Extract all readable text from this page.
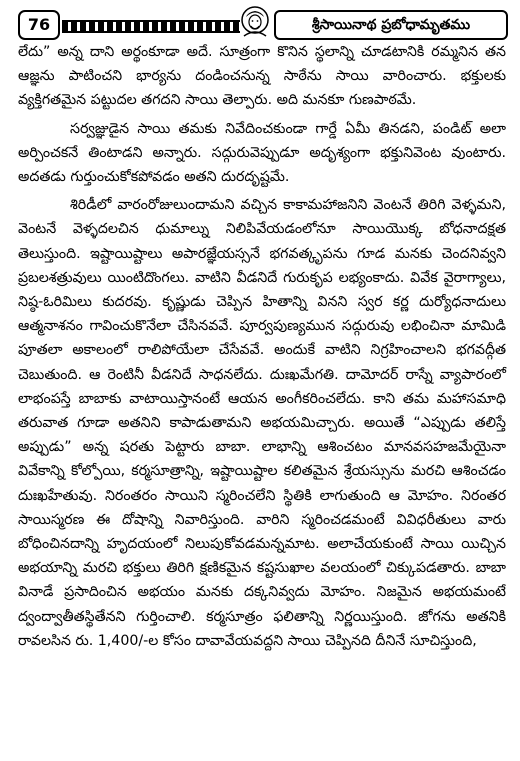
76	శ్రీసాయినాథ ప్రబోధామృతము

లేదు” అన్న దాని అర్థంకూడా అదే. సూత్రంగా కొనిన స్థలాన్ని చూడటానికి రమ్మనిన తన ఆజ్ఞను పాటించని భార్యను దండించనున్న సాఠేను సాయి వారించారు. భక్తులకు వ్యక్తిగతమైన పట్టుదల తగదని సాయి తెల్పారు. అది మనకూ గుణపాఠమే.

సర్వజ్ఞుడైన సాయి తమకు నివేదించకుండా గార్డే ఏమీ తినడని, పండిట్ అలా అర్పించకనే తింటాడని అన్నారు. సద్గురువెప్పుడూ అదృశ్యంగా భక్తునివెంట వుంటారు. అదతడు గుర్తుంచుకోకపోవడం అతని దురదృష్టమే.

శిరిడీలో వారంరోజులుందామని వచ్చిన కాకామహాజనిని వెంటనే తిరిగి వెళ్ళమని, వెంటనే వెళ్ళదలచిన ధుమాల్ను నిలిపివేయడంలోనూ సాయియొక్క బోధనాదక్షత తెలుస్తుంది. ఇష్టాయిష్టాలు అపారజ్ఞేయస్సనే భగవత్కృపను గూడ మనకు చెందనివ్వని ప్రబలశత్రువులు యింటిదొంగలు. వాటిని వీడనిదే గురుకృప లభ్యంకాదు. వివేక వైరాగ్యాలు, నిష్ఠ-ఓరిమిలు కుదరవు. కృష్ణుడు చెప్పిన హితాన్ని వినని స్వర కర్ణ దుర్యోధనాదులు ఆత్మనాశనం గావించుకొనేలా చేసినవవే. పూర్వపుణ్యమున సద్గురువు లభించినా మామిడి పూతలా అకాలంలో రాలిపోయేలా చేసేవవే. అందుకే వాటిని నిగ్రహించాలని భగవద్గీత చెబుతుంది. ఆ రెంటినీ వీడనిదే సాధనలేదు. దుఃఖమేగతి. దామోదర్ రాస్నే వ్యాపారంలో లాభంపస్తే బాబాకు వాటాయిస్తానంటే ఆయన అంగీకరించలేదు. కాని తమ మహాసమాధి తరువాత గూడా అతనిని కాపాడుతామని అభయమిచ్చారు. అయితే “ఎప్పుడు తలిస్తే అప్పుడు” అన్న షరతు పెట్టారు బాబా. లాభాన్ని ఆశించటం మానవసహజమేయైనా వివేకాన్ని కోల్పోయి, కర్మసూత్రాన్ని, ఇష్టాయిష్టాల కలితమైన శ్రేయస్సును మరచి ఆశించడం దుఃఖహేతువు. నిరంతరం సాయిని స్మరించలేని స్థితికి లాగుతుంది ఆ మోహం. నిరంతర సాయిస్మరణ ఈ దోషాన్ని నివారిస్తుంది. వారిని స్మరించడమంటే వివిధరీతులు వారు బోధించినదాన్ని హృదయంలో నిలుపుకోవడమన్నమాట. అలాచేయకుంటే సాయి యిచ్చిన అభయాన్ని మరచి భక్తులు తిరిగి క్షణికమైన కష్టసుఖాల వలయంలో చిక్కుపడతారు. బాబా వినాడే ప్రసాదించిన అభయం మనకు దక్కనివ్వదు మోహం. నిజమైన అభయమంటే ద్వంద్వాతీతస్థితేనని గుర్తించాలి. కర్మసూత్రం ఫలితాన్ని నిర్ణయిస్తుంది. జోగను అతనికి రావలసిన రు. 1,400/-ల కోసం దావావేయవద్దని సాయి చెప్పినది దీనినే సూచిస్తుంది,
